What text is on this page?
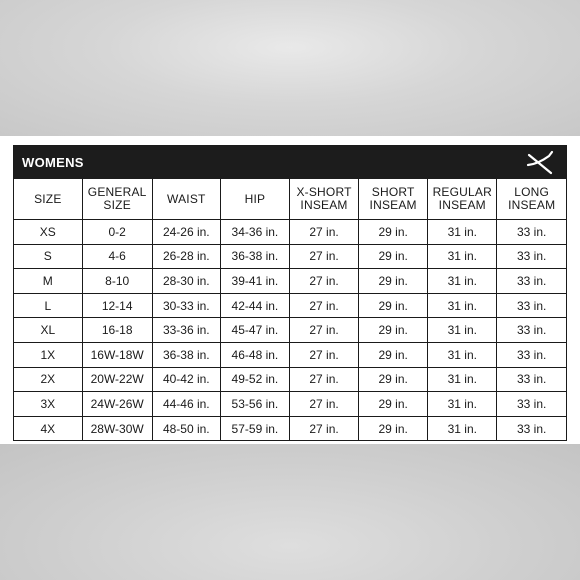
WOMENS
SIZE	GENERAL SIZE	WAIST	HIP	X-SHORT INSEAM	SHORT INSEAM	REGULAR INSEAM	LONG INSEAM
XS	0-2	24-26 in.	34-36 in.	27 in.	29 in.	31 in.	33 in.
S	4-6	26-28 in.	36-38 in.	27 in.	29 in.	31 in.	33 in.
M	8-10	28-30 in.	39-41 in.	27 in.	29 in.	31 in.	33 in.
L	12-14	30-33 in.	42-44 in.	27 in.	29 in.	31 in.	33 in.
XL	16-18	33-36 in.	45-47 in.	27 in.	29 in.	31 in.	33 in.
1X	16W-18W	36-38 in.	46-48 in.	27 in.	29 in.	31 in.	33 in.
2X	20W-22W	40-42 in.	49-52 in.	27 in.	29 in.	31 in.	33 in.
3X	24W-26W	44-46 in.	53-56 in.	27 in.	29 in.	31 in.	33 in.
4X	28W-30W	48-50 in.	57-59 in.	27 in.	29 in.	31 in.	33 in.
